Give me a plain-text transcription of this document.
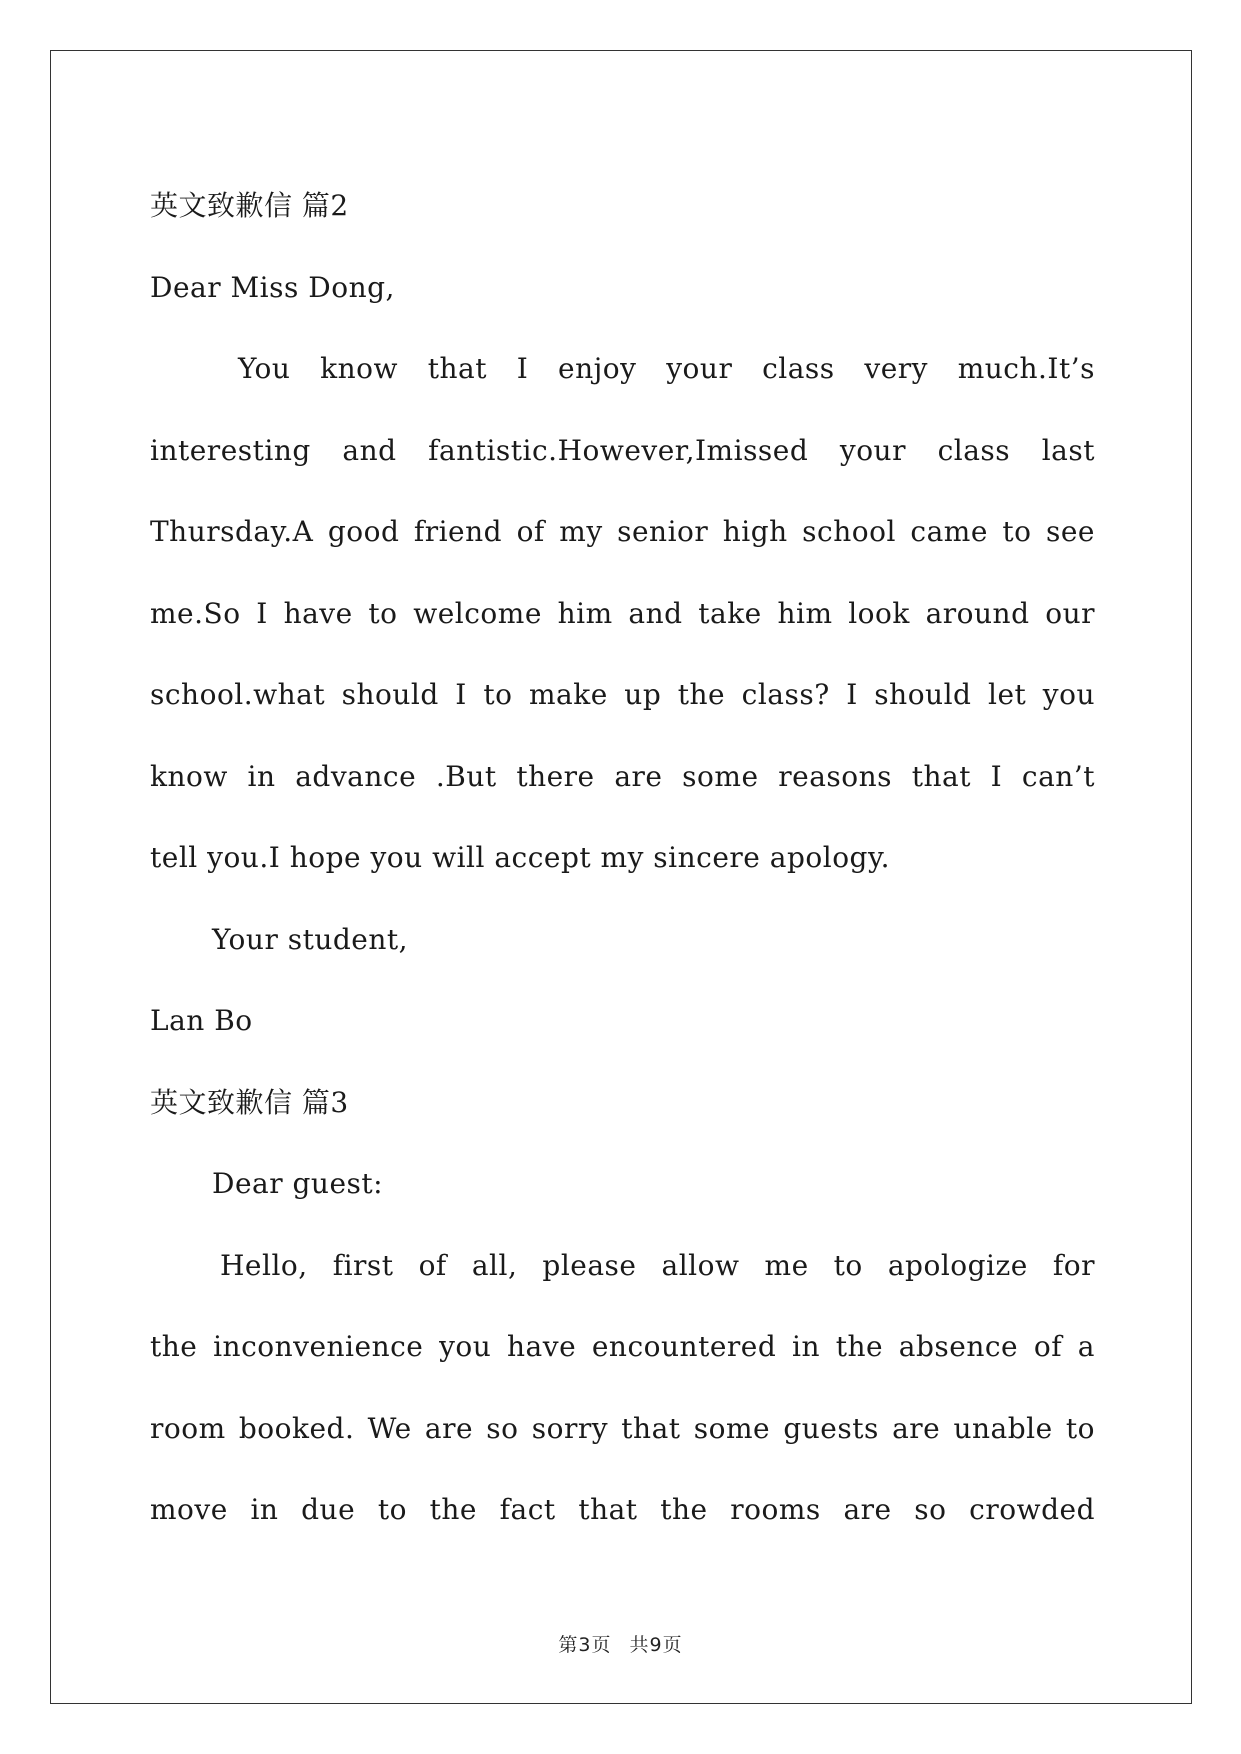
英文致歉信 篇2
Dear Miss Dong,
You know that I enjoy your class very much.It’s
interesting and fantistic.However,Imissed your class last
Thursday.A good friend of my senior high school came to see
me.So I have to welcome him and take him look around our
school.what should I to make up the class? I should let you
know in advance .But there are some reasons that I can’t
tell you.I hope you will accept my sincere apology.
Your student,
Lan Bo
英文致歉信 篇3
Dear guest:
Hello, first of all, please allow me to apologize for
the inconvenience you have encountered in the absence of a
room booked. We are so sorry that some guests are unable to
move in due to the fact that the rooms are so crowded
第3页 共9页
